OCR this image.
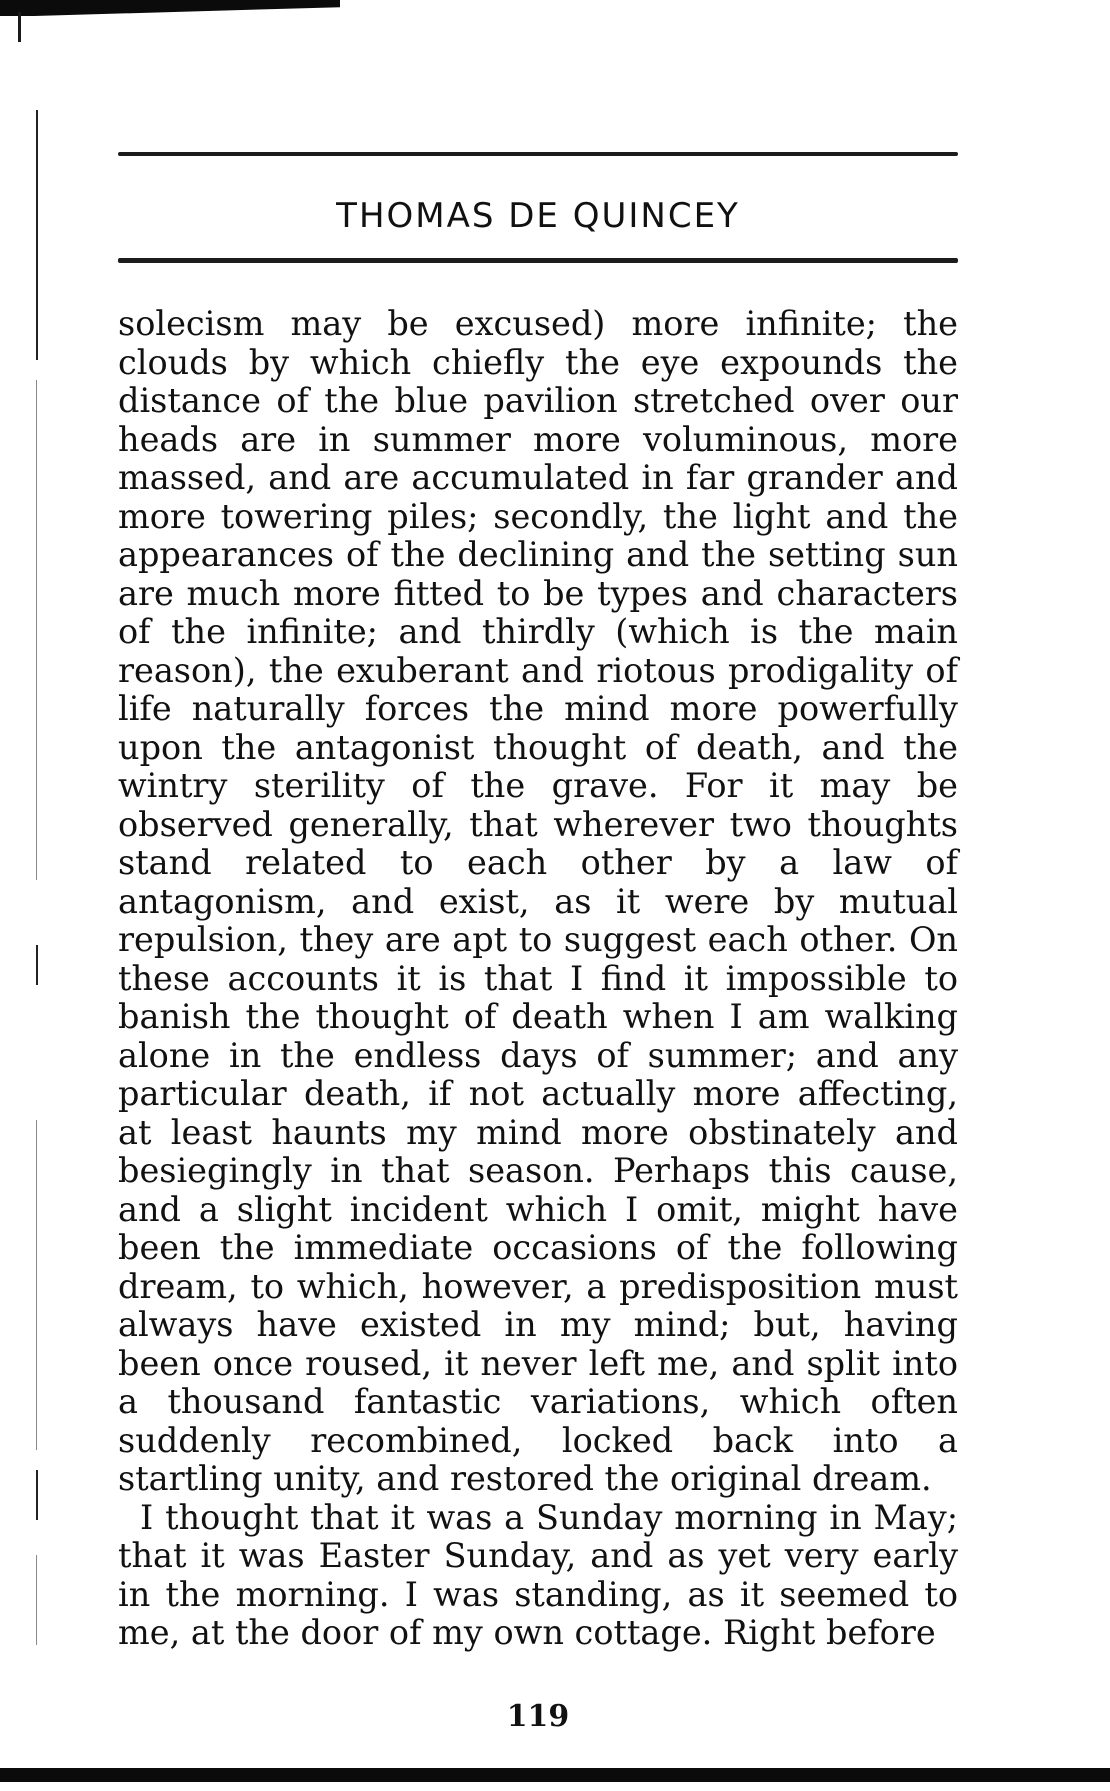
THOMAS DE QUINCEY

solecism may be excused) more infinite; the clouds by which chiefly the eye expounds the distance of the blue pavilion stretched over our heads are in summer more voluminous, more massed, and are accumulated in far grander and more towering piles; secondly, the light and the appearances of the declining and the setting sun are much more fitted to be types and characters of the infinite; and thirdly (which is the main reason), the exuberant and riotous prodigality of life naturally forces the mind more powerfully upon the antagonist thought of death, and the wintry sterility of the grave. For it may be observed generally, that wherever two thoughts stand related to each other by a law of antagonism, and exist, as it were by mutual repulsion, they are apt to suggest each other. On these accounts it is that I find it impossible to banish the thought of death when I am walking alone in the endless days of summer; and any particular death, if not actually more affecting, at least haunts my mind more obstinately and besiegingly in that season. Perhaps this cause, and a slight incident which I omit, might have been the immediate occasions of the following dream, to which, however, a predisposition must always have existed in my mind; but, having been once roused, it never left me, and split into a thousand fantastic variations, which often suddenly recombined, locked back into a startling unity, and restored the original dream.

I thought that it was a Sunday morning in May; that it was Easter Sunday, and as yet very early in the morning. I was standing, as it seemed to me, at the door of my own cottage. Right before

119
